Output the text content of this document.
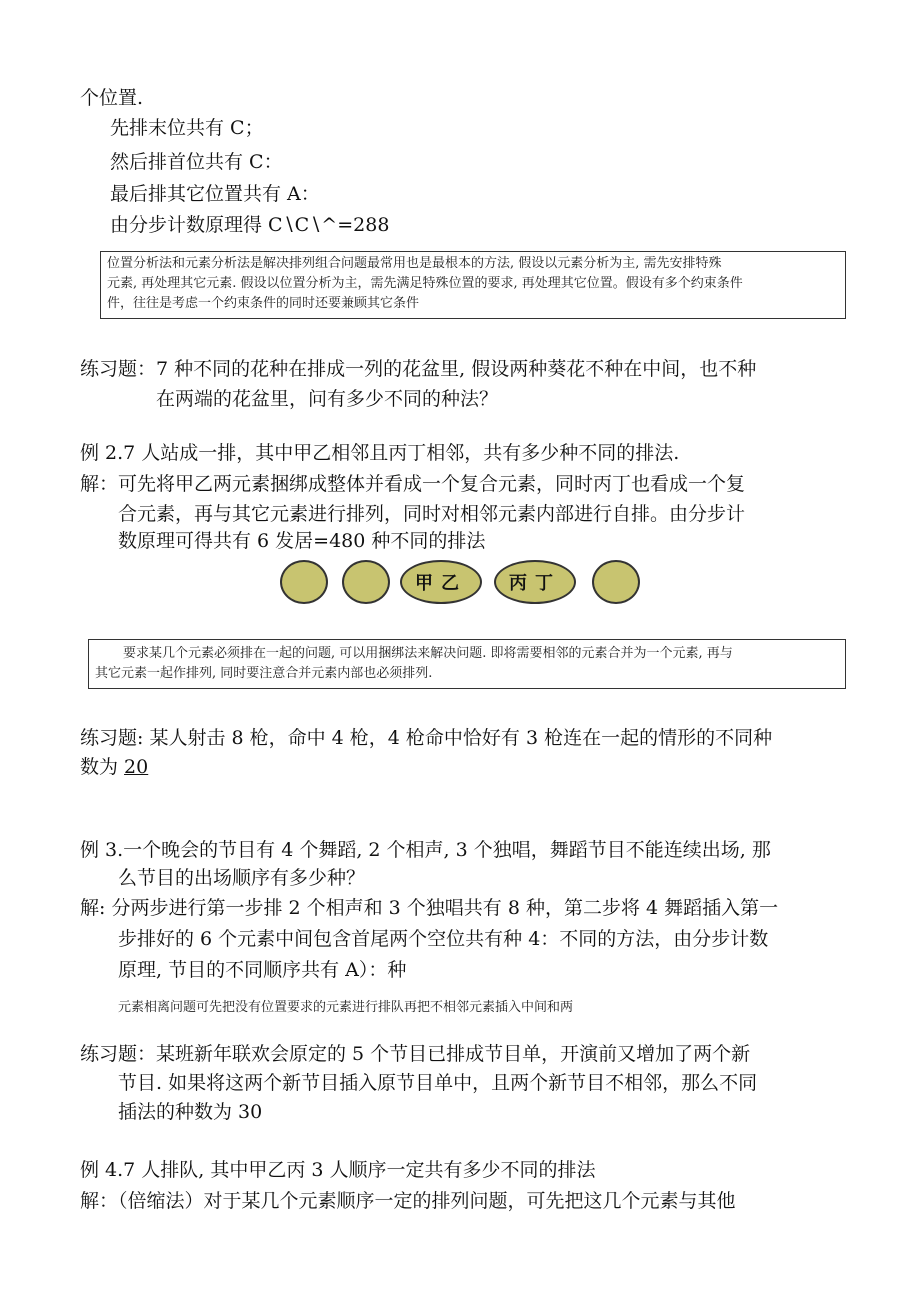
个位置.
先排末位共有 C；
然后排首位共有 C：
最后排其它位置共有 A：
由分步计数原理得 C∖C∖^=288
位置分析法和元素分析法是解决排列组合问题最常用也是最根本的方法, 假设以元素分析为主, 需先安排特殊
元素, 再处理其它元素. 假设以位置分析为主，需先满足特殊位置的要求, 再处理其它位置。假设有多个约束条件
件，往往是考虑一个约束条件的同时还要兼顾其它条件
练习题：7 种不同的花种在排成一列的花盆里, 假设两种葵花不种在中间，也不种
在两端的花盆里，问有多少不同的种法？
例 2.7 人站成一排，其中甲乙相邻且丙丁相邻，共有多少种不同的排法.
解：可先将甲乙两元素捆绑成整体并看成一个复合元素，同时丙丁也看成一个复
合元素，再与其它元素进行排列，同时对相邻元素内部进行自排。由分步计
数原理可得共有 6 发居=480 种不同的排法
甲乙	丙丁
要求某几个元素必须排在一起的问题, 可以用捆绑法来解决问题. 即将需要相邻的元素合并为一个元素, 再与
其它元素一起作排列, 同时要注意合并元素内部也必须排列.
练习题: 某人射击 8 枪，命中 4 枪，4 枪命中恰好有 3 枪连在一起的情形的不同种
数为 20
例 3.一个晚会的节目有 4 个舞蹈, 2 个相声, 3 个独唱，舞蹈节目不能连续出场, 那
么节目的出场顺序有多少种？
解: 分两步进行第一步排 2 个相声和 3 个独唱共有 8 种，第二步将 4 舞蹈插入第一
步排好的 6 个元素中间包含首尾两个空位共有种 4：不同的方法，由分步计数
原理, 节目的不同顺序共有 A）：种
元素相离问题可先把没有位置要求的元素进行排队再把不相邻元素插入中间和两
练习题：某班新年联欢会原定的 5 个节目已排成节目单，开演前又增加了两个新
节目. 如果将这两个新节目插入原节目单中，且两个新节目不相邻，那么不同
插法的种数为 30
例 4.7 人排队, 其中甲乙丙 3 人顺序一定共有多少不同的排法
解：（倍缩法）对于某几个元素顺序一定的排列问题，可先把这几个元素与其他
